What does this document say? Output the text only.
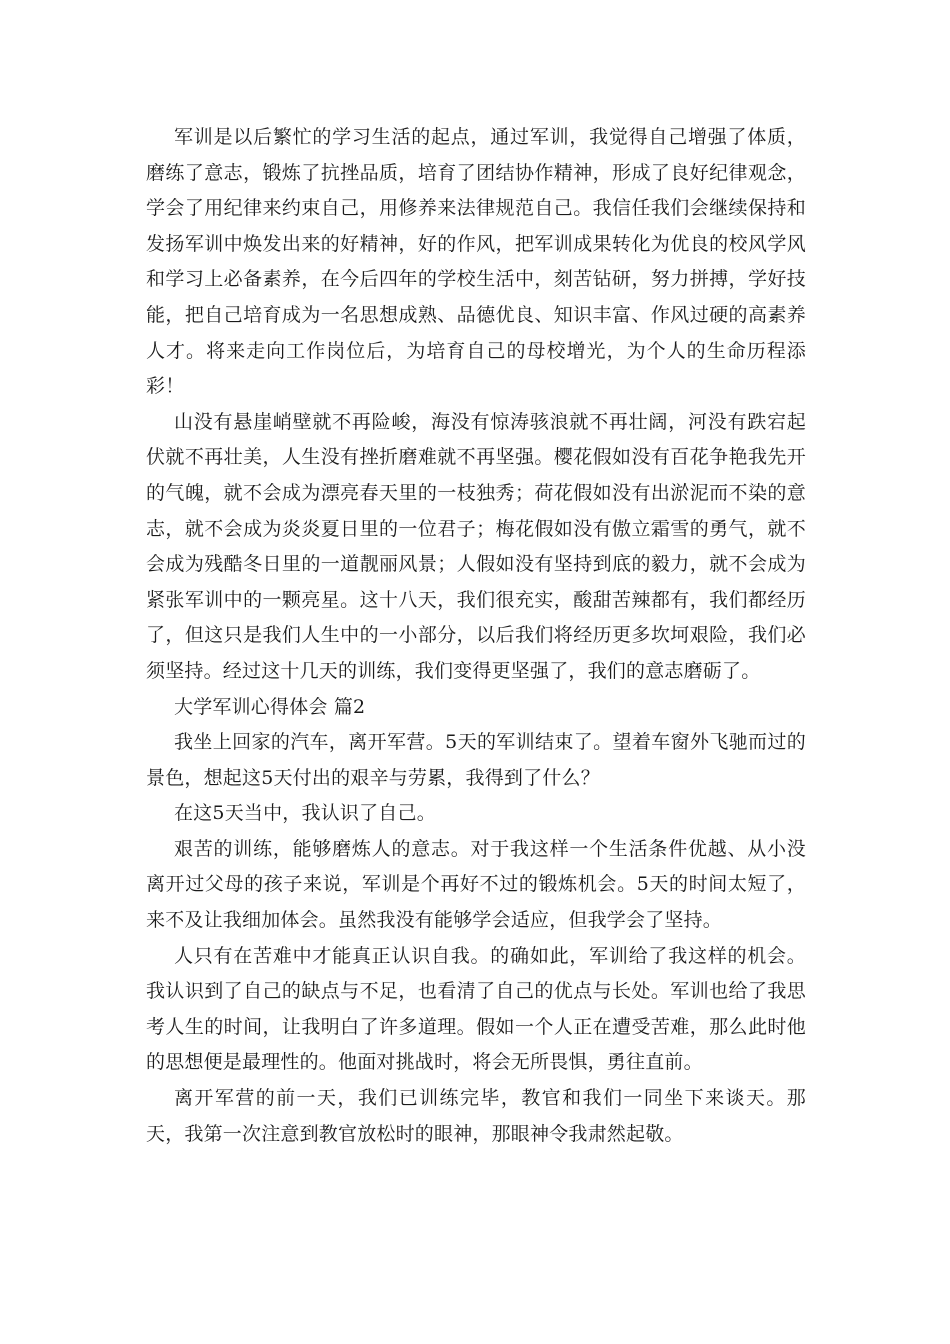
军训是以后繁忙的学习生活的起点，通过军训，我觉得自己增强了体质，磨练了意志，锻炼了抗挫品质，培育了团结协作精神，形成了良好纪律观念，学会了用纪律来约束自己，用修养来法律规范自己。我信任我们会继续保持和发扬军训中焕发出来的好精神，好的作风，把军训成果转化为优良的校风学风和学习上必备素养，在今后四年的学校生活中，刻苦钻研，努力拼搏，学好技能，把自己培育成为一名思想成熟、品德优良、知识丰富、作风过硬的高素养人才。将来走向工作岗位后，为培育自己的母校增光，为个人的生命历程添彩！

山没有悬崖峭壁就不再险峻，海没有惊涛骇浪就不再壮阔，河没有跌宕起伏就不再壮美，人生没有挫折磨难就不再坚强。樱花假如没有百花争艳我先开的气魄，就不会成为漂亮春天里的一枝独秀；荷花假如没有出淤泥而不染的意志，就不会成为炎炎夏日里的一位君子；梅花假如没有傲立霜雪的勇气，就不会成为残酷冬日里的一道靓丽风景；人假如没有坚持到底的毅力，就不会成为紧张军训中的一颗亮星。这十八天，我们很充实，酸甜苦辣都有，我们都经历了，但这只是我们人生中的一小部分，以后我们将经历更多坎坷艰险，我们必须坚持。经过这十几天的训练，我们变得更坚强了，我们的意志磨砺了。

大学军训心得体会 篇2

我坐上回家的汽车，离开军营。5天的军训结束了。望着车窗外飞驰而过的景色，想起这5天付出的艰辛与劳累，我得到了什么？

在这5天当中，我认识了自己。

艰苦的训练，能够磨炼人的意志。对于我这样一个生活条件优越、从小没离开过父母的孩子来说，军训是个再好不过的锻炼机会。5天的时间太短了，来不及让我细加体会。虽然我没有能够学会适应，但我学会了坚持。

人只有在苦难中才能真正认识自我。的确如此，军训给了我这样的机会。我认识到了自己的缺点与不足，也看清了自己的优点与长处。军训也给了我思考人生的时间，让我明白了许多道理。假如一个人正在遭受苦难，那么此时他的思想便是最理性的。他面对挑战时，将会无所畏惧，勇往直前。

离开军营的前一天，我们已训练完毕，教官和我们一同坐下来谈天。那天，我第一次注意到教官放松时的眼神，那眼神令我肃然起敬。
